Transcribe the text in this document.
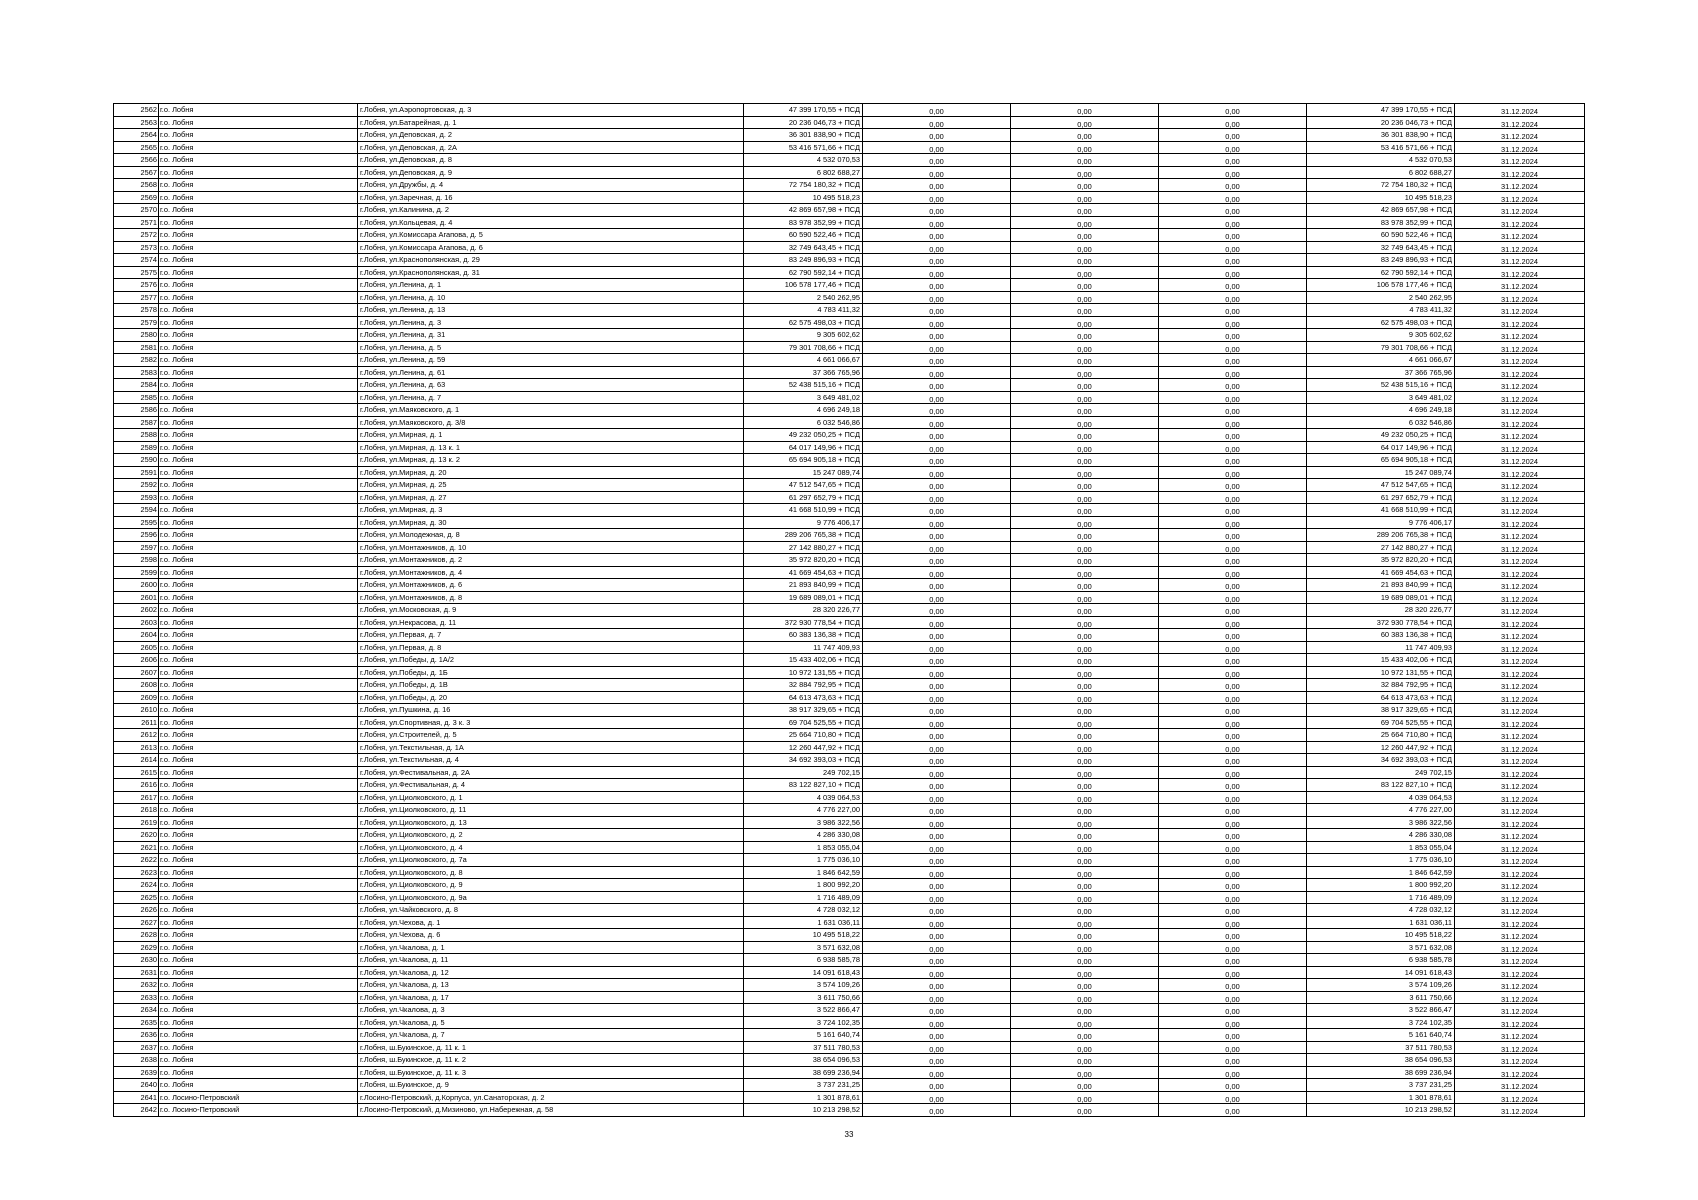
2562	г.о. Лобня	г.Лобня, ул.Аэропортовская, д. 3	47 399 170,55 + ПСД	0,00	0,00	0,00	47 399 170,55 + ПСД	31.12.2024
2563	г.о. Лобня	г.Лобня, ул.Батарейная, д. 1	20 236 046,73 + ПСД	0,00	0,00	0,00	20 236 046,73 + ПСД	31.12.2024
2564	г.о. Лобня	г.Лобня, ул.Деповская, д. 2	36 301 838,90 + ПСД	0,00	0,00	0,00	36 301 838,90 + ПСД	31.12.2024
2565	г.о. Лобня	г.Лобня, ул.Деповская, д. 2А	53 416 571,66 + ПСД	0,00	0,00	0,00	53 416 571,66 + ПСД	31.12.2024
2566	г.о. Лобня	г.Лобня, ул.Деповская, д. 8	4 532 070,53	0,00	0,00	0,00	4 532 070,53	31.12.2024
2567	г.о. Лобня	г.Лобня, ул.Деповская, д. 9	6 802 688,27	0,00	0,00	0,00	6 802 688,27	31.12.2024
2568	г.о. Лобня	г.Лобня, ул.Дружбы, д. 4	72 754 180,32 + ПСД	0,00	0,00	0,00	72 754 180,32 + ПСД	31.12.2024
2569	г.о. Лобня	г.Лобня, ул.Заречная, д. 16	10 495 518,23	0,00	0,00	0,00	10 495 518,23	31.12.2024
2570	г.о. Лобня	г.Лобня, ул.Калинина, д. 2	42 869 657,98 + ПСД	0,00	0,00	0,00	42 869 657,98 + ПСД	31.12.2024
2571	г.о. Лобня	г.Лобня, ул.Кольцевая, д. 4	83 978 352,99 + ПСД	0,00	0,00	0,00	83 978 352,99 + ПСД	31.12.2024
2572	г.о. Лобня	г.Лобня, ул.Комиссара Агапова, д. 5	60 590 522,46 + ПСД	0,00	0,00	0,00	60 590 522,46 + ПСД	31.12.2024
2573	г.о. Лобня	г.Лобня, ул.Комиссара Агапова, д. 6	32 749 643,45 + ПСД	0,00	0,00	0,00	32 749 643,45 + ПСД	31.12.2024
2574	г.о. Лобня	г.Лобня, ул.Краснополянская, д. 29	83 249 896,93 + ПСД	0,00	0,00	0,00	83 249 896,93 + ПСД	31.12.2024
2575	г.о. Лобня	г.Лобня, ул.Краснополянская, д. 31	62 790 592,14 + ПСД	0,00	0,00	0,00	62 790 592,14 + ПСД	31.12.2024
2576	г.о. Лобня	г.Лобня, ул.Ленина, д. 1	106 578 177,46 + ПСД	0,00	0,00	0,00	106 578 177,46 + ПСД	31.12.2024
2577	г.о. Лобня	г.Лобня, ул.Ленина, д. 10	2 540 262,95	0,00	0,00	0,00	2 540 262,95	31.12.2024
2578	г.о. Лобня	г.Лобня, ул.Ленина, д. 13	4 783 411,32	0,00	0,00	0,00	4 783 411,32	31.12.2024
2579	г.о. Лобня	г.Лобня, ул.Ленина, д. 3	62 575 498,03 + ПСД	0,00	0,00	0,00	62 575 498,03 + ПСД	31.12.2024
2580	г.о. Лобня	г.Лобня, ул.Ленина, д. 31	9 305 602,62	0,00	0,00	0,00	9 305 602,62	31.12.2024
2581	г.о. Лобня	г.Лобня, ул.Ленина, д. 5	79 301 708,66 + ПСД	0,00	0,00	0,00	79 301 708,66 + ПСД	31.12.2024
2582	г.о. Лобня	г.Лобня, ул.Ленина, д. 59	4 661 066,67	0,00	0,00	0,00	4 661 066,67	31.12.2024
2583	г.о. Лобня	г.Лобня, ул.Ленина, д. 61	37 366 765,96	0,00	0,00	0,00	37 366 765,96	31.12.2024
2584	г.о. Лобня	г.Лобня, ул.Ленина, д. 63	52 438 515,16 + ПСД	0,00	0,00	0,00	52 438 515,16 + ПСД	31.12.2024
2585	г.о. Лобня	г.Лобня, ул.Ленина, д. 7	3 649 481,02	0,00	0,00	0,00	3 649 481,02	31.12.2024
2586	г.о. Лобня	г.Лобня, ул.Маяковского, д. 1	4 696 249,18	0,00	0,00	0,00	4 696 249,18	31.12.2024
2587	г.о. Лобня	г.Лобня, ул.Маяковского, д. 3/8	6 032 546,86	0,00	0,00	0,00	6 032 546,86	31.12.2024
2588	г.о. Лобня	г.Лобня, ул.Мирная, д. 1	49 232 050,25 + ПСД	0,00	0,00	0,00	49 232 050,25 + ПСД	31.12.2024
2589	г.о. Лобня	г.Лобня, ул.Мирная, д. 13 к. 1	64 017 149,96 + ПСД	0,00	0,00	0,00	64 017 149,96 + ПСД	31.12.2024
2590	г.о. Лобня	г.Лобня, ул.Мирная, д. 13 к. 2	65 694 905,18 + ПСД	0,00	0,00	0,00	65 694 905,18 + ПСД	31.12.2024
2591	г.о. Лобня	г.Лобня, ул.Мирная, д. 20	15 247 089,74	0,00	0,00	0,00	15 247 089,74	31.12.2024
2592	г.о. Лобня	г.Лобня, ул.Мирная, д. 25	47 512 547,65 + ПСД	0,00	0,00	0,00	47 512 547,65 + ПСД	31.12.2024
2593	г.о. Лобня	г.Лобня, ул.Мирная, д. 27	61 297 652,79 + ПСД	0,00	0,00	0,00	61 297 652,79 + ПСД	31.12.2024
2594	г.о. Лобня	г.Лобня, ул.Мирная, д. 3	41 668 510,99 + ПСД	0,00	0,00	0,00	41 668 510,99 + ПСД	31.12.2024
2595	г.о. Лобня	г.Лобня, ул.Мирная, д. 30	9 776 406,17	0,00	0,00	0,00	9 776 406,17	31.12.2024
2596	г.о. Лобня	г.Лобня, ул.Молодежная, д. 8	289 206 765,38 + ПСД	0,00	0,00	0,00	289 206 765,38 + ПСД	31.12.2024
2597	г.о. Лобня	г.Лобня, ул.Монтажников, д. 10	27 142 880,27 + ПСД	0,00	0,00	0,00	27 142 880,27 + ПСД	31.12.2024
2598	г.о. Лобня	г.Лобня, ул.Монтажников, д. 2	35 972 820,20 + ПСД	0,00	0,00	0,00	35 972 820,20 + ПСД	31.12.2024
2599	г.о. Лобня	г.Лобня, ул.Монтажников, д. 4	41 669 454,63 + ПСД	0,00	0,00	0,00	41 669 454,63 + ПСД	31.12.2024
2600	г.о. Лобня	г.Лобня, ул.Монтажников, д. 6	21 893 840,99 + ПСД	0,00	0,00	0,00	21 893 840,99 + ПСД	31.12.2024
2601	г.о. Лобня	г.Лобня, ул.Монтажников, д. 8	19 689 089,01 + ПСД	0,00	0,00	0,00	19 689 089,01 + ПСД	31.12.2024
2602	г.о. Лобня	г.Лобня, ул.Московская, д. 9	28 320 226,77	0,00	0,00	0,00	28 320 226,77	31.12.2024
2603	г.о. Лобня	г.Лобня, ул.Некрасова, д. 11	372 930 778,54 + ПСД	0,00	0,00	0,00	372 930 778,54 + ПСД	31.12.2024
2604	г.о. Лобня	г.Лобня, ул.Первая, д. 7	60 383 136,38 + ПСД	0,00	0,00	0,00	60 383 136,38 + ПСД	31.12.2024
2605	г.о. Лобня	г.Лобня, ул.Первая, д. 8	11 747 409,93	0,00	0,00	0,00	11 747 409,93	31.12.2024
2606	г.о. Лобня	г.Лобня, ул.Победы, д. 1А/2	15 433 402,06 + ПСД	0,00	0,00	0,00	15 433 402,06 + ПСД	31.12.2024
2607	г.о. Лобня	г.Лобня, ул.Победы, д. 1Б	10 972 131,55 + ПСД	0,00	0,00	0,00	10 972 131,55 + ПСД	31.12.2024
2608	г.о. Лобня	г.Лобня, ул.Победы, д. 1В	32 884 792,95 + ПСД	0,00	0,00	0,00	32 884 792,95 + ПСД	31.12.2024
2609	г.о. Лобня	г.Лобня, ул.Победы, д. 20	64 613 473,63 + ПСД	0,00	0,00	0,00	64 613 473,63 + ПСД	31.12.2024
2610	г.о. Лобня	г.Лобня, ул.Пушкина, д. 16	38 917 329,65 + ПСД	0,00	0,00	0,00	38 917 329,65 + ПСД	31.12.2024
2611	г.о. Лобня	г.Лобня, ул.Спортивная, д. 3 к. 3	69 704 525,55 + ПСД	0,00	0,00	0,00	69 704 525,55 + ПСД	31.12.2024
2612	г.о. Лобня	г.Лобня, ул.Строителей, д. 5	25 664 710,80 + ПСД	0,00	0,00	0,00	25 664 710,80 + ПСД	31.12.2024
2613	г.о. Лобня	г.Лобня, ул.Текстильная, д. 1А	12 260 447,92 + ПСД	0,00	0,00	0,00	12 260 447,92 + ПСД	31.12.2024
2614	г.о. Лобня	г.Лобня, ул.Текстильная, д. 4	34 692 393,03 + ПСД	0,00	0,00	0,00	34 692 393,03 + ПСД	31.12.2024
2615	г.о. Лобня	г.Лобня, ул.Фестивальная, д. 2А	249 702,15	0,00	0,00	0,00	249 702,15	31.12.2024
2616	г.о. Лобня	г.Лобня, ул.Фестивальная, д. 4	83 122 827,10 + ПСД	0,00	0,00	0,00	83 122 827,10 + ПСД	31.12.2024
2617	г.о. Лобня	г.Лобня, ул.Циолковского, д. 1	4 039 064,53	0,00	0,00	0,00	4 039 064,53	31.12.2024
2618	г.о. Лобня	г.Лобня, ул.Циолковского, д. 11	4 776 227,00	0,00	0,00	0,00	4 776 227,00	31.12.2024
2619	г.о. Лобня	г.Лобня, ул.Циолковского, д. 13	3 986 322,56	0,00	0,00	0,00	3 986 322,56	31.12.2024
2620	г.о. Лобня	г.Лобня, ул.Циолковского, д. 2	4 286 330,08	0,00	0,00	0,00	4 286 330,08	31.12.2024
2621	г.о. Лобня	г.Лобня, ул.Циолковского, д. 4	1 853 055,04	0,00	0,00	0,00	1 853 055,04	31.12.2024
2622	г.о. Лобня	г.Лобня, ул.Циолковского, д. 7а	1 775 036,10	0,00	0,00	0,00	1 775 036,10	31.12.2024
2623	г.о. Лобня	г.Лобня, ул.Циолковского, д. 8	1 846 642,59	0,00	0,00	0,00	1 846 642,59	31.12.2024
2624	г.о. Лобня	г.Лобня, ул.Циолковского, д. 9	1 800 992,20	0,00	0,00	0,00	1 800 992,20	31.12.2024
2625	г.о. Лобня	г.Лобня, ул.Циолковского, д. 9а	1 716 489,09	0,00	0,00	0,00	1 716 489,09	31.12.2024
2626	г.о. Лобня	г.Лобня, ул.Чайковского, д. 8	4 728 032,12	0,00	0,00	0,00	4 728 032,12	31.12.2024
2627	г.о. Лобня	г.Лобня, ул.Чехова, д. 1	1 631 036,11	0,00	0,00	0,00	1 631 036,11	31.12.2024
2628	г.о. Лобня	г.Лобня, ул.Чехова, д. 6	10 495 518,22	0,00	0,00	0,00	10 495 518,22	31.12.2024
2629	г.о. Лобня	г.Лобня, ул.Чкалова, д. 1	3 571 632,08	0,00	0,00	0,00	3 571 632,08	31.12.2024
2630	г.о. Лобня	г.Лобня, ул.Чкалова, д. 11	6 938 585,78	0,00	0,00	0,00	6 938 585,78	31.12.2024
2631	г.о. Лобня	г.Лобня, ул.Чкалова, д. 12	14 091 618,43	0,00	0,00	0,00	14 091 618,43	31.12.2024
2632	г.о. Лобня	г.Лобня, ул.Чкалова, д. 13	3 574 109,26	0,00	0,00	0,00	3 574 109,26	31.12.2024
2633	г.о. Лобня	г.Лобня, ул.Чкалова, д. 17	3 611 750,66	0,00	0,00	0,00	3 611 750,66	31.12.2024
2634	г.о. Лобня	г.Лобня, ул.Чкалова, д. 3	3 522 866,47	0,00	0,00	0,00	3 522 866,47	31.12.2024
2635	г.о. Лобня	г.Лобня, ул.Чкалова, д. 5	3 724 102,35	0,00	0,00	0,00	3 724 102,35	31.12.2024
2636	г.о. Лобня	г.Лобня, ул.Чкалова, д. 7	5 161 640,74	0,00	0,00	0,00	5 161 640,74	31.12.2024
2637	г.о. Лобня	г.Лобня, ш.Букинское, д. 11 к. 1	37 511 780,53	0,00	0,00	0,00	37 511 780,53	31.12.2024
2638	г.о. Лобня	г.Лобня, ш.Букинское, д. 11 к. 2	38 654 096,53	0,00	0,00	0,00	38 654 096,53	31.12.2024
2639	г.о. Лобня	г.Лобня, ш.Букинское, д. 11 к. 3	38 699 236,94	0,00	0,00	0,00	38 699 236,94	31.12.2024
2640	г.о. Лобня	г.Лобня, ш.Букинское, д. 9	3 737 231,25	0,00	0,00	0,00	3 737 231,25	31.12.2024
2641	г.о. Лосино-Петровский	г.Лосино-Петровский, д.Корпуса, ул.Санаторская, д. 2	1 301 878,61	0,00	0,00	0,00	1 301 878,61	31.12.2024
2642	г.о. Лосино-Петровский	г.Лосино-Петровский, д.Мизиново, ул.Набережная, д. 58	10 213 298,52	0,00	0,00	0,00	10 213 298,52	31.12.2024
33
